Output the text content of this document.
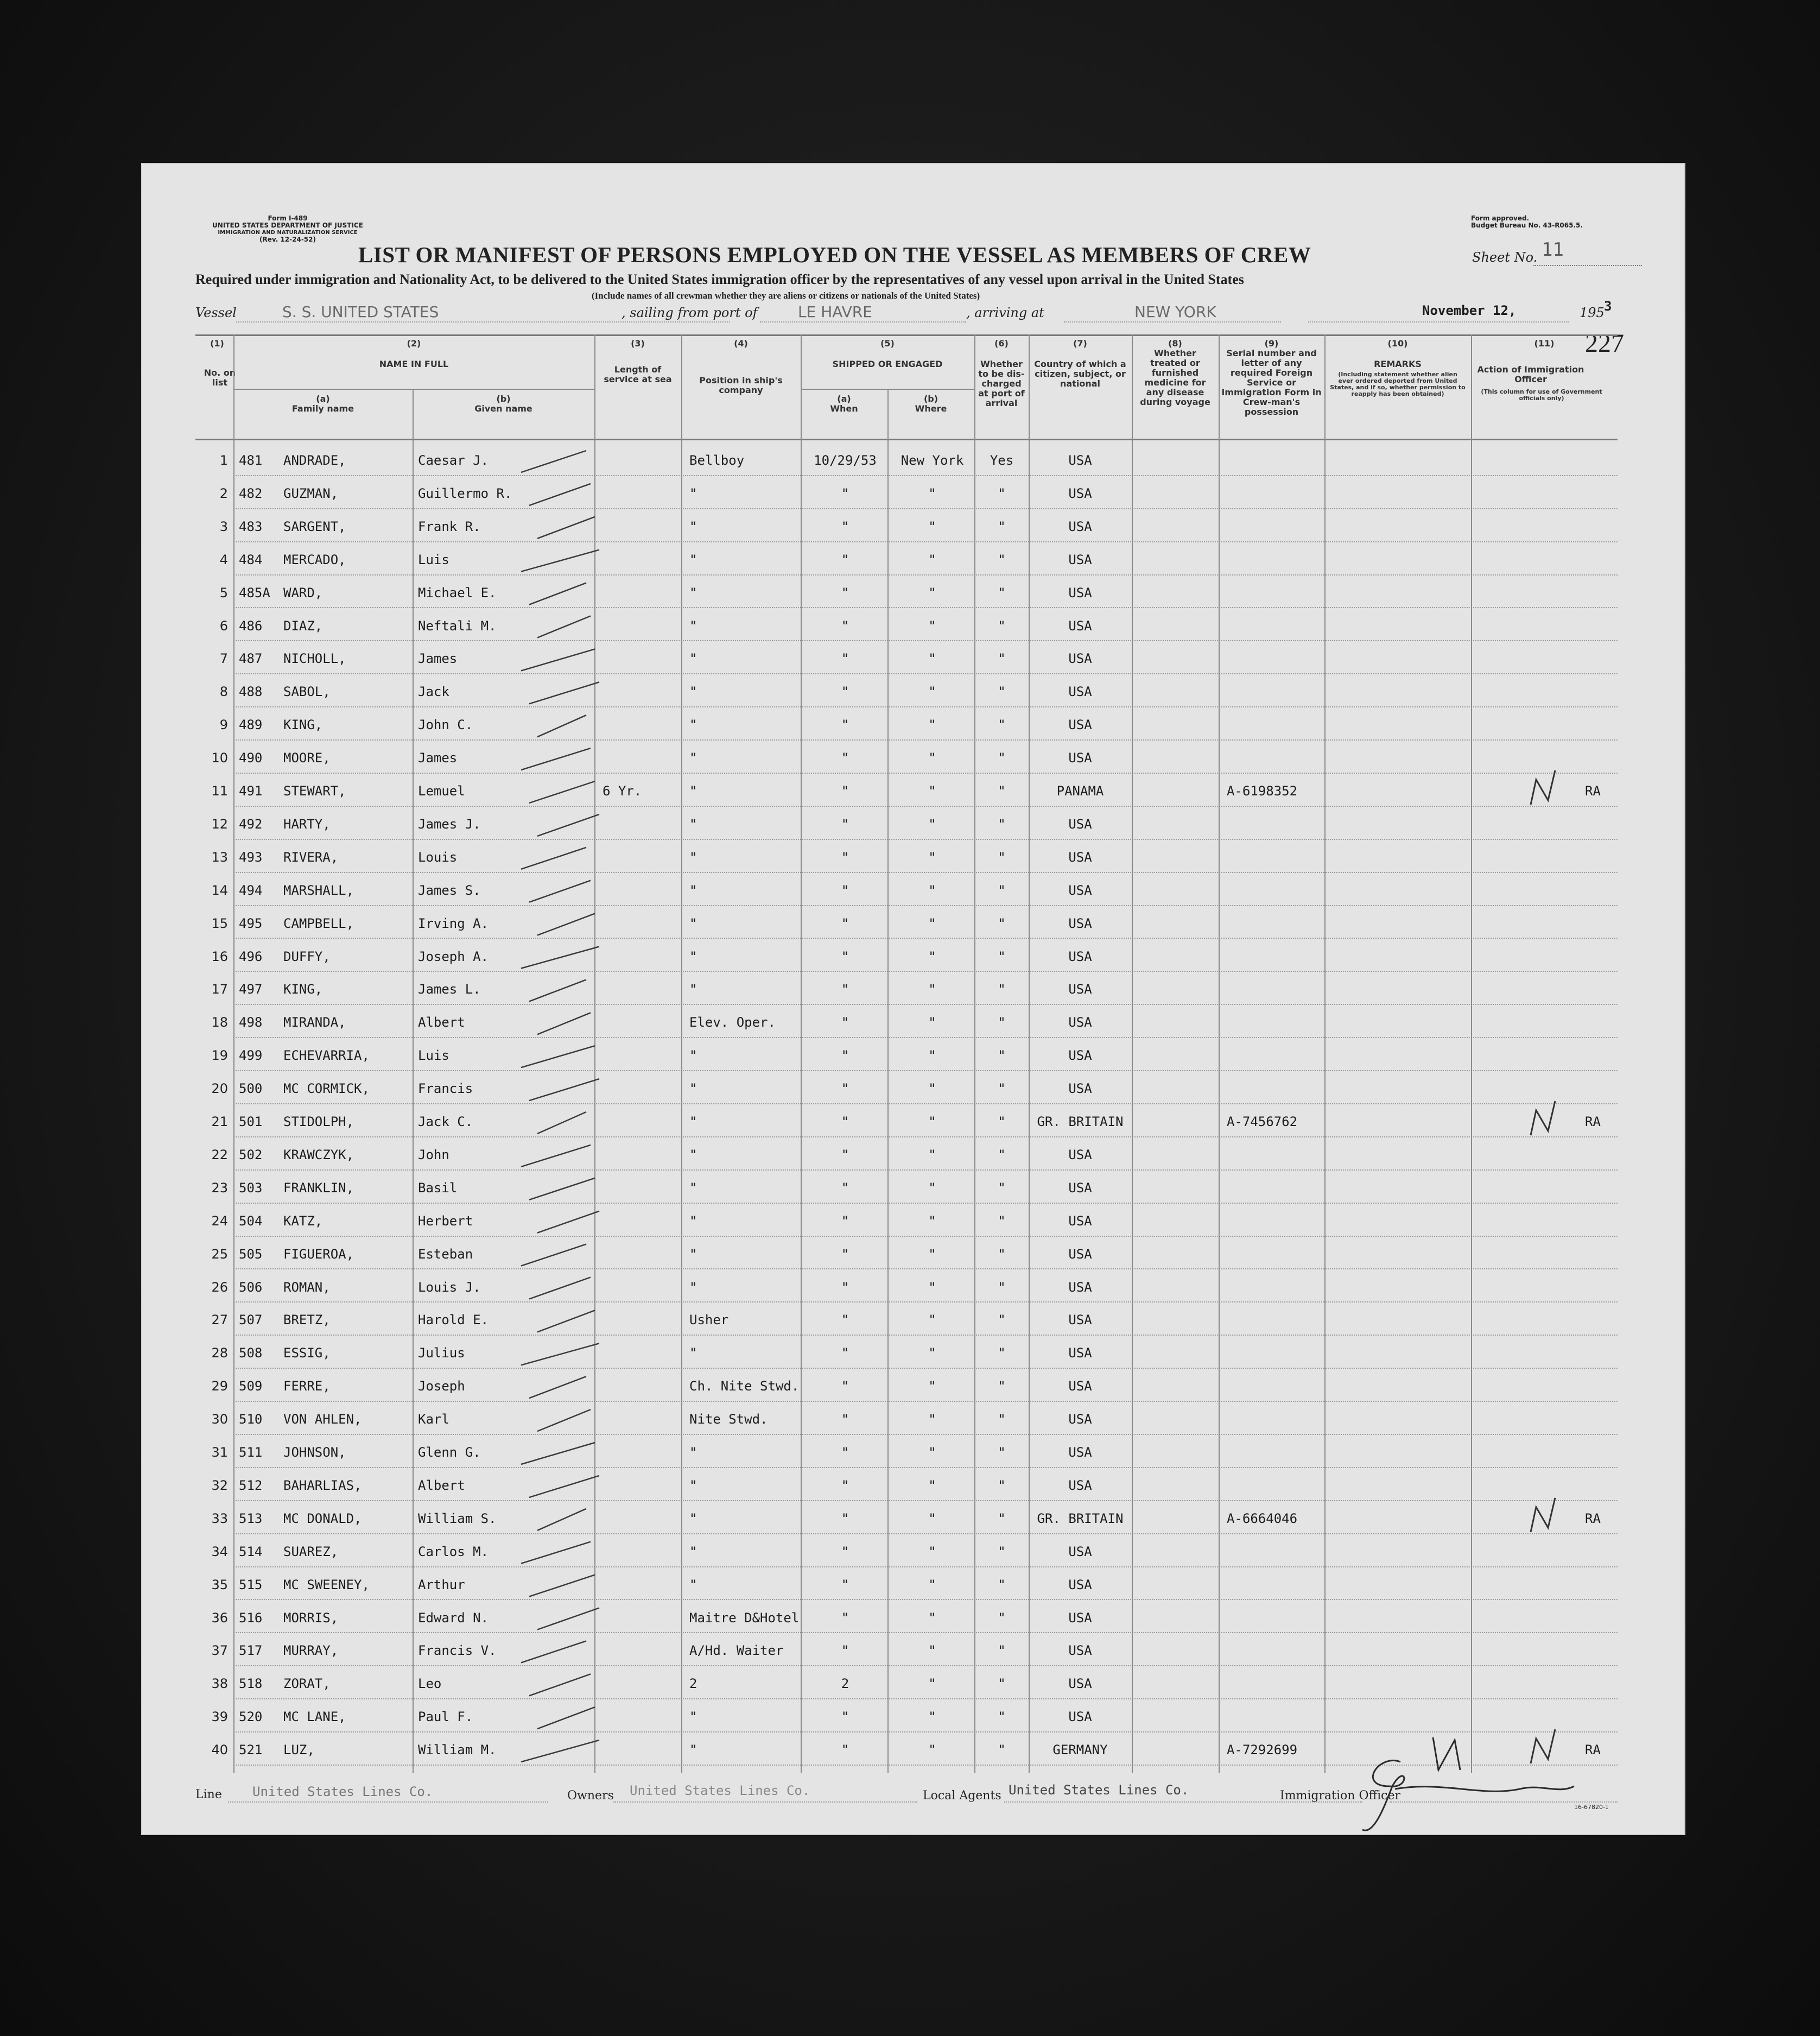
Form I-489
UNITED STATES DEPARTMENT OF JUSTICE
IMMIGRATION AND NATURALIZATION SERVICE
(Rev. 12-24-52)
Form approved.
Budget Bureau No. 43-R065.5.
LIST OR MANIFEST OF PERSONS EMPLOYED ON THE VESSEL AS MEMBERS OF CREW	Sheet No. 11
Required under immigration and Nationality Act, to be delivered to the United States immigration officer by the representatives of any vessel upon arrival in the United States
(Include names of all crewman whether they are aliens or citizens or nationals of the United States)
Vessel	S. S. UNITED STATES	, sailing from port of	LE HAVRE	, arriving at	NEW YORK	November 12,	195 3
227
(1)
No. on list
(2)
NAME IN FULL
(a)
Family name
(b)
Given name
(3)
Length of service at sea
(4)
Position in ship's company
(5)
SHIPPED OR ENGAGED
(a)
When
(b)
Where
(6)
Whether to be dis-charged at port of arrival
(7)
Country of which a citizen, subject, or national
(8)
Whether treated or furnished medicine for any disease during voyage
(9)
Serial number and letter of any required Foreign Service or Immigration Form in Crew-man's possession
(10)
REMARKS
(Including statement whether alien ever ordered deported from United States, and if so, whether permission to reapply has been obtained)
(11)
Action of Immigration Officer
(This column for use of Government officials only)
1 481	ANDRADE,	Caesar J.	Bellboy	10/29/53	New York	Yes	USA
2 482	GUZMAN,	Guillermo R.	"	"	"	"	USA
3 483	SARGENT,	Frank R.	"	"	"	"	USA
4 484	MERCADO,	Luis	"	"	"	"	USA
5 485A	WARD,	Michael E.	"	"	"	"	USA
6 486	DIAZ,	Neftali M.	"	"	"	"	USA
7 487	NICHOLL,	James	"	"	"	"	USA
8 488	SABOL,	Jack	"	"	"	"	USA
9 489	KING,	John C.	"	"	"	"	USA
10 490	MOORE,	James	"	"	"	"	USA
11 491	STEWART,	Lemuel	6 Yr.	"	"	"	"	PANAMA	A-6198352	RA
12 492	HARTY,	James J.	"	"	"	"	USA
13 493	RIVERA,	Louis	"	"	"	"	USA
14 494	MARSHALL,	James S.	"	"	"	"	USA
15 495	CAMPBELL,	Irving A.	"	"	"	"	USA
16 496	DUFFY,	Joseph A.	"	"	"	"	USA
17 497	KING,	James L.	"	"	"	"	USA
18 498	MIRANDA,	Albert	Elev. Oper.	"	"	"	USA
19 499	ECHEVARRIA,	Luis	"	"	"	"	USA
20 500	MC CORMICK,	Francis	"	"	"	"	USA
21 501	STIDOLPH,	Jack C.	"	"	"	"	GR. BRITAIN	A-7456762	RA
22 502	KRAWCZYK,	John	"	"	"	"	USA
23 503	FRANKLIN,	Basil	"	"	"	"	USA
24 504	KATZ,	Herbert	"	"	"	"	USA
25 505	FIGUEROA,	Esteban	"	"	"	"	USA
26 506	ROMAN,	Louis J.	"	"	"	"	USA
27 507	BRETZ,	Harold E.	Usher	"	"	"	USA
28 508	ESSIG,	Julius	"	"	"	"	USA
29 509	FERRE,	Joseph	Ch. Nite Stwd.	"	"	"	USA
30 510	VON AHLEN,	Karl	Nite Stwd.	"	"	"	USA
31 511	JOHNSON,	Glenn G.	"	"	"	"	USA
32 512	BAHARLIAS,	Albert	"	"	"	"	USA
33 513	MC DONALD,	William S.	"	"	"	"	GR. BRITAIN	A-6664046	RA
34 514	SUAREZ,	Carlos M.	"	"	"	"	USA
35 515	MC SWEENEY,	Arthur	"	"	"	"	USA
36 516	MORRIS,	Edward N.	Maitre D&Hotel	"	"	"	USA
37 517	MURRAY,	Francis V.	A/Hd. Waiter	"	"	"	USA
38 518	ZORAT,	Leo	2	2	"	"	USA
39 520	MC LANE,	Paul F.	"	"	"	"	USA
40 521	LUZ,	William M.	"	"	"	"	GERMANY	A-7292699	RA
Line United States Lines Co.	Owners United States Lines Co.	Local Agents United States Lines Co.	Immigration Officer
16-67820-1
